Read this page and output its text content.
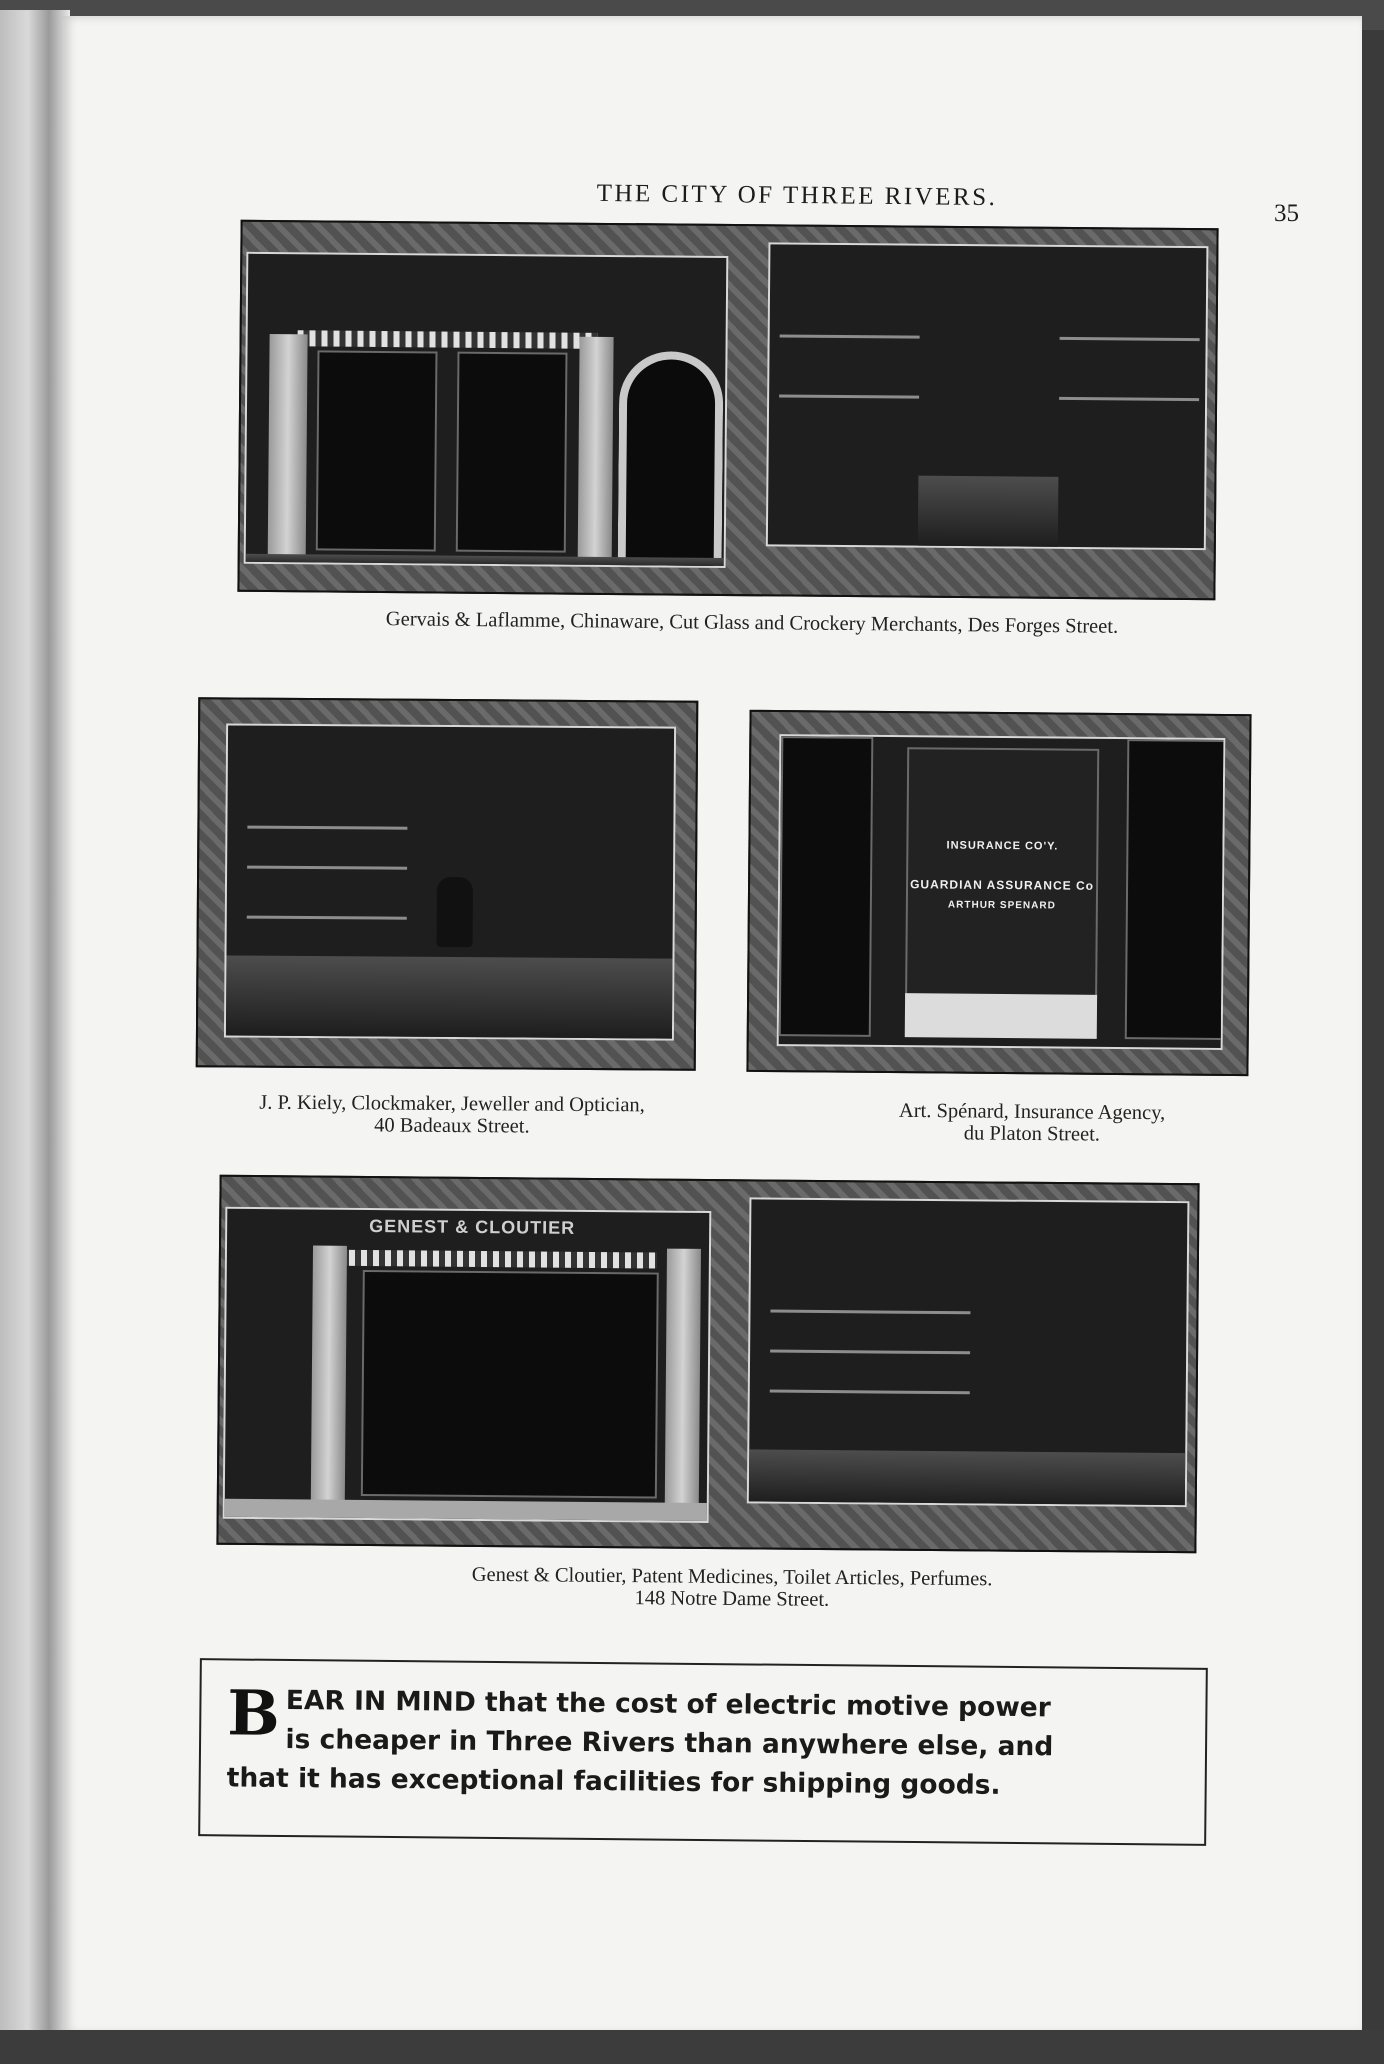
THE CITY OF THREE RIVERS.
35
Gervais & Laflamme, Chinaware, Cut Glass and Crockery Merchants, Des Forges Street.
J. P. Kiely, Clockmaker, Jeweller and Optician,
40 Badeaux Street.
INSURANCE CO'Y.
GUARDIAN ASSURANCE Co
ARTHUR SPENARD
Art. Spénard, Insurance Agency,
du Platon Street.
GENEST & CLOUTIER
Genest & Cloutier, Patent Medicines, Toilet Articles, Perfumes.
148 Notre Dame Street.
B EAR IN MIND that the cost of electric motive power
is cheaper in Three Rivers than anywhere else, and
that it has exceptional facilities for shipping goods.
